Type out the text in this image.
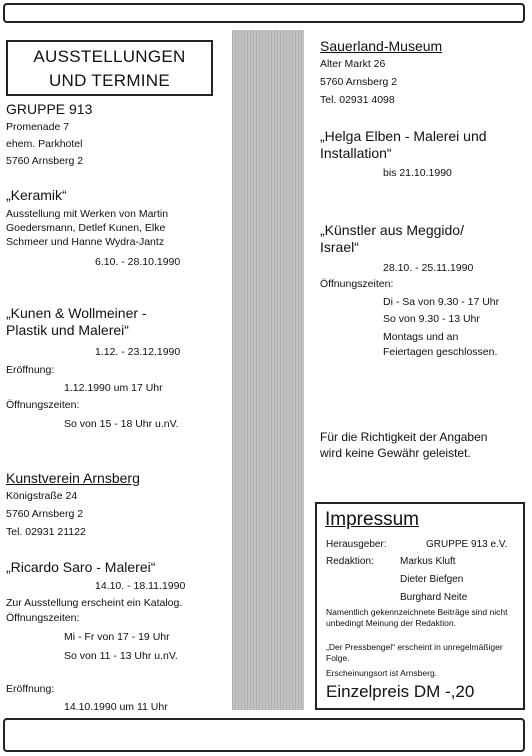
AUSSTELLUNGEN
UND TERMINE
GRUPPE 913
Promenade 7
ehem. Parkhotel
5760 Arnsberg 2
„Keramik“
Ausstellung mit Werken von Martin
Goedersmann, Detlef Kunen, Elke
Schmeer und Hanne Wydra-Jantz
6.10. - 28.10.1990
„Kunen & Wollmeiner -
Plastik und Malerei“
1.12. - 23.12.1990
Eröffnung:
1.12.1990 um 17 Uhr
Öffnungszeiten:
So von 15 - 18 Uhr u.nV.
Kunstverein Arnsberg
Königstraße 24
5760 Arnsberg 2
Tel. 02931 21122
„Ricardo Saro - Malerei“
14.10. - 18.11.1990
Zur Ausstellung erscheint ein Katalog.
Öffnungszeiten:
Mi - Fr von 17 - 19 Uhr
So von 11 - 13 Uhr u.nV.
Eröffnung:
14.10.1990 um 11 Uhr
Sauerland-Museum
Alter Markt 26
5760 Arnsberg 2
Tel. 02931 4098
„Helga Elben - Malerei und
Installation“
bis 21.10.1990
„Künstler aus Meggido/
Israel“
28.10. - 25.11.1990
Öffnungszeiten:
Di - Sa von 9.30 - 17 Uhr
So von 9.30 - 13 Uhr
Montags und an
Feiertagen geschlossen.
Für die Richtigkeit der Angaben
wird keine Gewähr geleistet.
Impressum
Herausgeber:	GRUPPE 913 e.V.
Redaktion:	Markus Kluft
Dieter Biefgen
Burghard Neite
Namentlich gekennzeichnete Beiträge sind nicht unbedingt Meinung der Redaktion.
„Der Pressbengel“ erscheint in unregelmäßiger Folge.
Erscheinungsort ist Arnsberg.
Einzelpreis DM -,20
